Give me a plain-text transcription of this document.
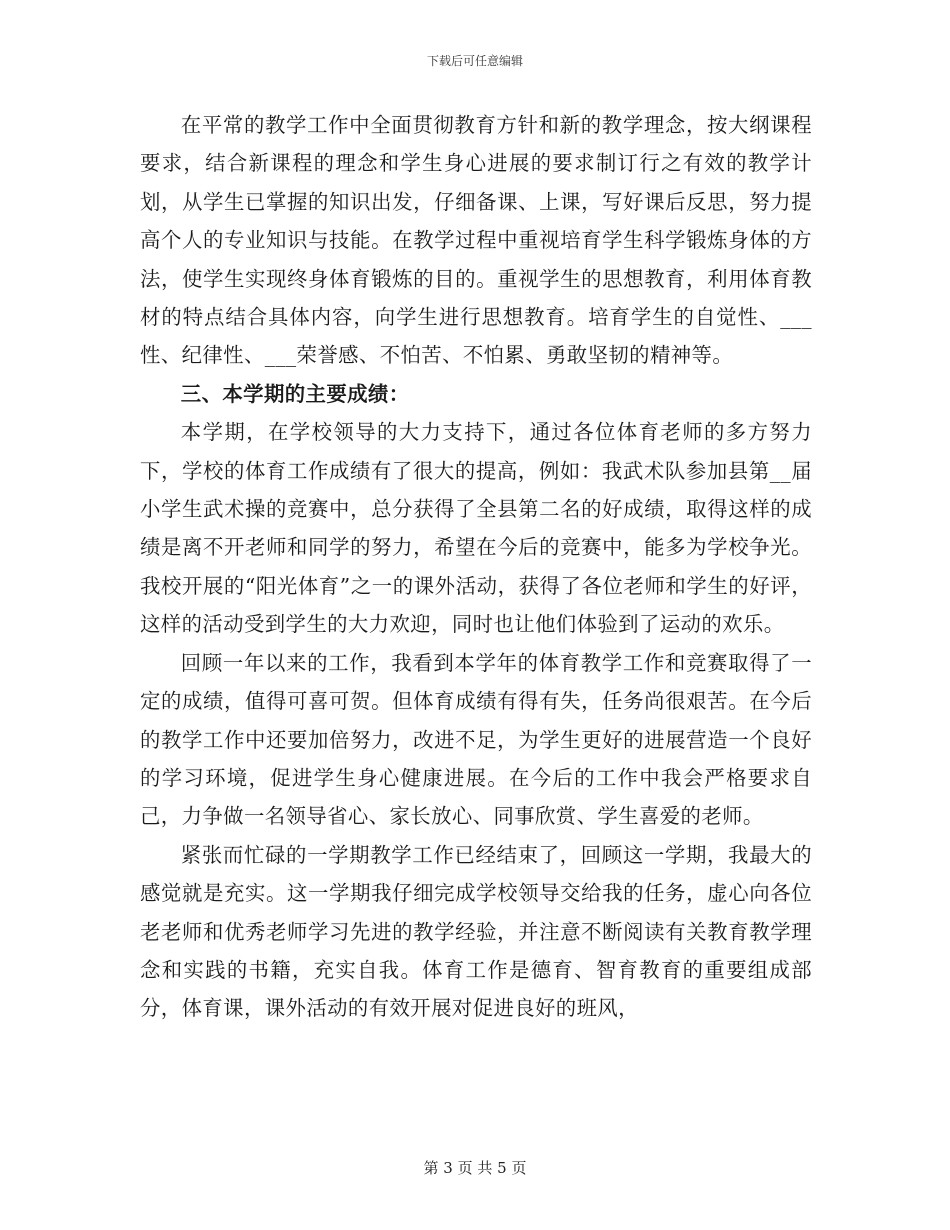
下载后可任意编辑

在平常的教学工作中全面贯彻教育方针和新的教学理念，按大纲课程要求，结合新课程的理念和学生身心进展的要求制订行之有效的教学计划，从学生已掌握的知识出发，仔细备课、上课，写好课后反思，努力提高个人的专业知识与技能。在教学过程中重视培育学生科学锻炼身体的方法，使学生实现终身体育锻炼的目的。重视学生的思想教育，利用体育教材的特点结合具体内容，向学生进行思想教育。培育学生的自觉性、___性、纪律性、___荣誉感、不怕苦、不怕累、勇敢坚韧的精神等。

三、本学期的主要成绩：

本学期，在学校领导的大力支持下，通过各位体育老师的多方努力下，学校的体育工作成绩有了很大的提高，例如：我武术队参加县第__届小学生武术操的竞赛中，总分获得了全县第二名的好成绩，取得这样的成绩是离不开老师和同学的努力，希望在今后的竞赛中，能多为学校争光。我校开展的“阳光体育”之一的课外活动，获得了各位老师和学生的好评，这样的活动受到学生的大力欢迎，同时也让他们体验到了运动的欢乐。

回顾一年以来的工作，我看到本学年的体育教学工作和竞赛取得了一定的成绩，值得可喜可贺。但体育成绩有得有失，任务尚很艰苦。在今后的教学工作中还要加倍努力，改进不足，为学生更好的进展营造一个良好的学习环境，促进学生身心健康进展。在今后的工作中我会严格要求自己，力争做一名领导省心、家长放心、同事欣赏、学生喜爱的老师。

紧张而忙碌的一学期教学工作已经结束了，回顾这一学期，我最大的感觉就是充实。这一学期我仔细完成学校领导交给我的任务，虚心向各位老老师和优秀老师学习先进的教学经验，并注意不断阅读有关教育教学理念和实践的书籍，充实自我。体育工作是德育、智育教育的重要组成部分，体育课，课外活动的有效开展对促进良好的班风，

第 3 页 共 5 页
